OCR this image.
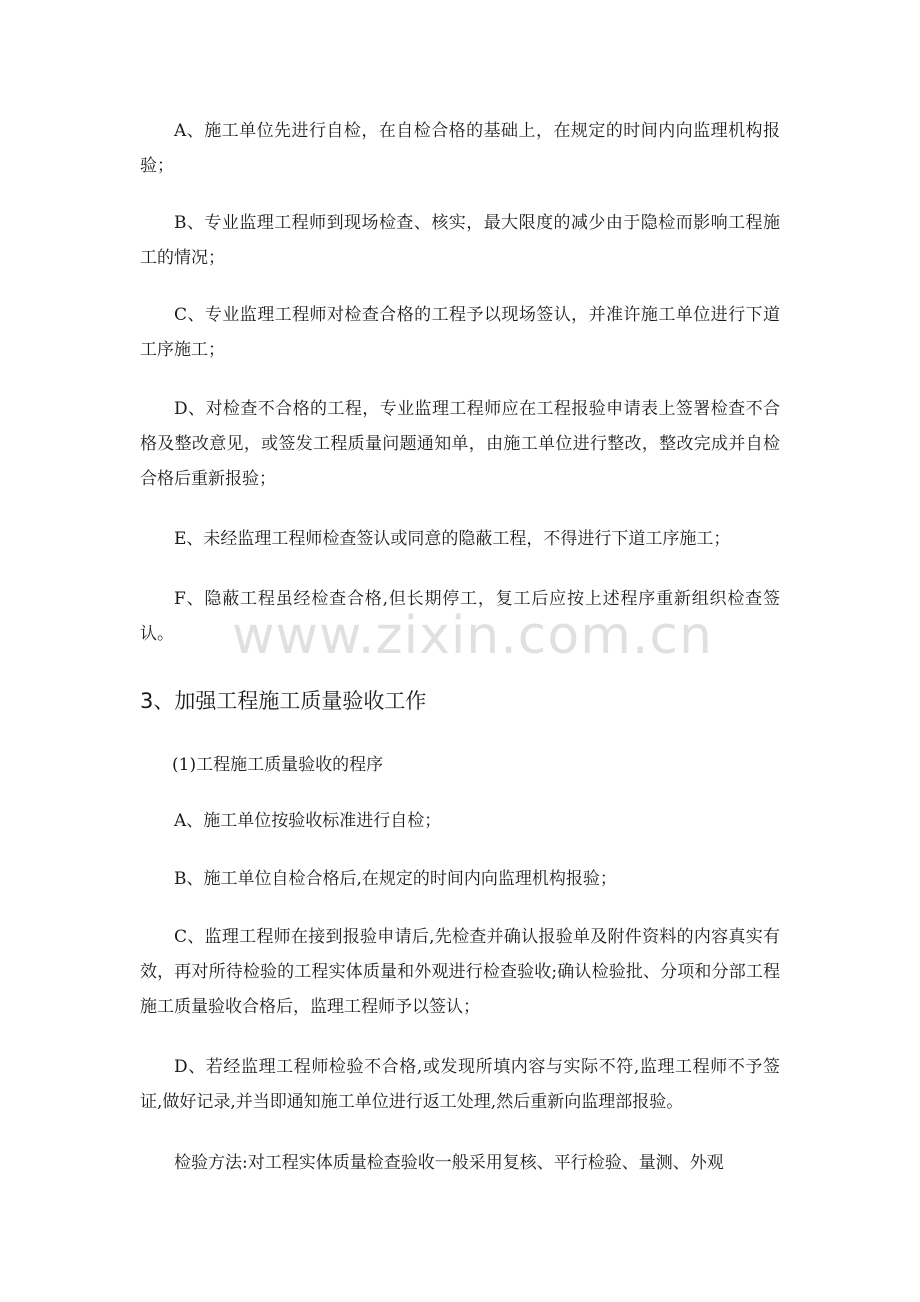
A、施工单位先进行自检，在自检合格的基础上，在规定的时间内向监理机构报验；

B、专业监理工程师到现场检查、核实，最大限度的减少由于隐检而影响工程施工的情况；

C、专业监理工程师对检查合格的工程予以现场签认，并准许施工单位进行下道工序施工；

D、对检查不合格的工程，专业监理工程师应在工程报验申请表上签署检查不合格及整改意见，或签发工程质量问题通知单，由施工单位进行整改，整改完成并自检合格后重新报验；

E、未经监理工程师检查签认或同意的隐蔽工程，不得进行下道工序施工；

F、隐蔽工程虽经检查合格,但长期停工，复工后应按上述程序重新组织检查签认。	www.zixin.com.cn
3、加强工程施工质量验收工作

(1)工程施工质量验收的程序

A、施工单位按验收标准进行自检；

B、施工单位自检合格后,在规定的时间内向监理机构报验；

C、监理工程师在接到报验申请后,先检查并确认报验单及附件资料的内容真实有效，再对所待检验的工程实体质量和外观进行检查验收;确认检验批、分项和分部工程施工质量验收合格后，监理工程师予以签认；

D、若经监理工程师检验不合格,或发现所填内容与实际不符,监理工程师不予签证,做好记录,并当即通知施工单位进行返工处理,然后重新向监理部报验。

检验方法:对工程实体质量检查验收一般采用复核、平行检验、量测、外观
